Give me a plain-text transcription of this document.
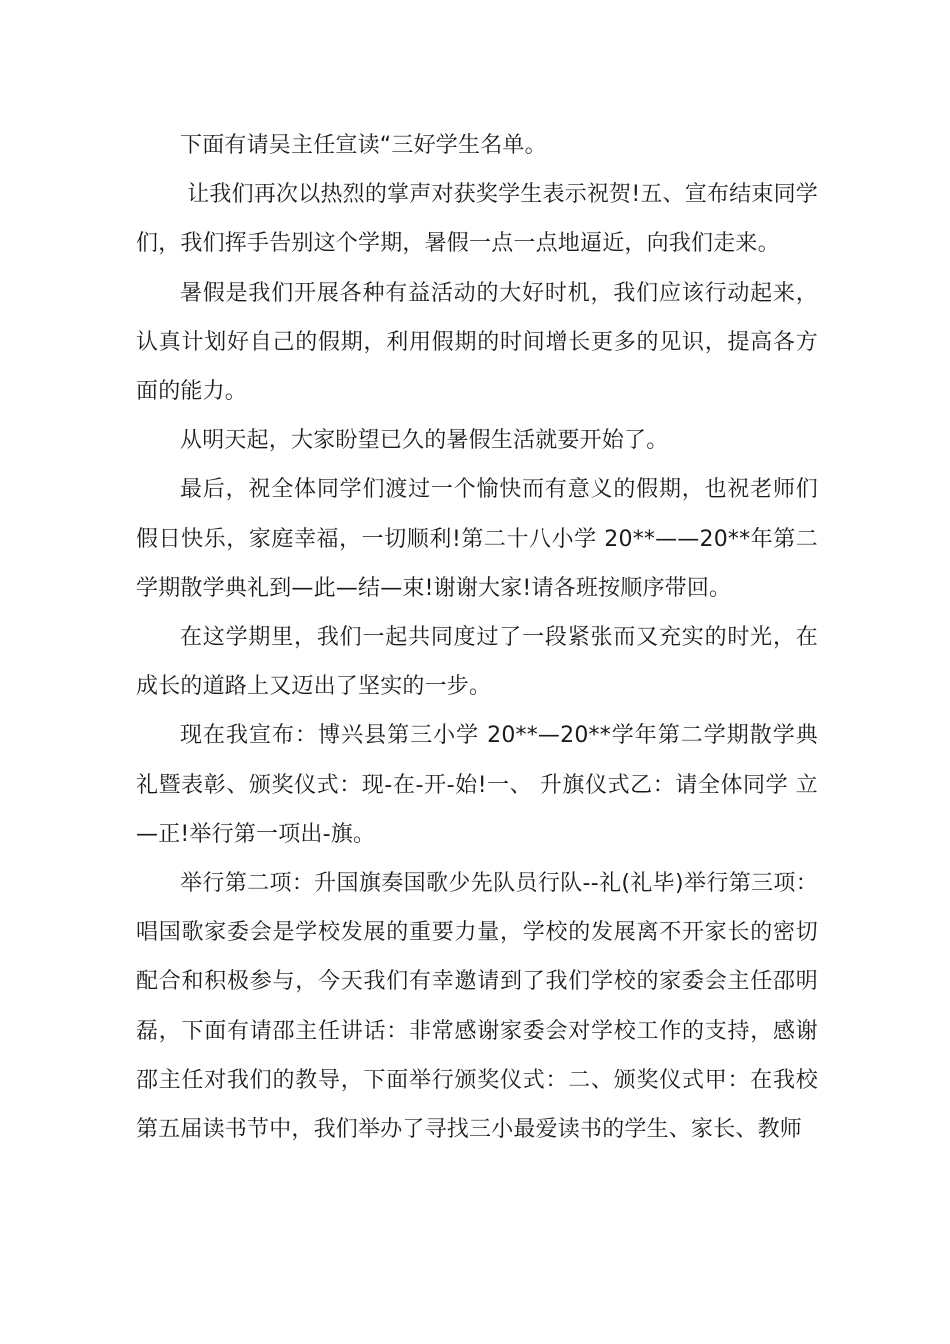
下面有请吴主任宣读“三好学生名单。

让我们再次以热烈的掌声对获奖学生表示祝贺!五、宣布结束同学们，我们挥手告别这个学期，暑假一点一点地逼近，向我们走来。

暑假是我们开展各种有益活动的大好时机，我们应该行动起来，认真计划好自己的假期，利用假期的时间增长更多的见识，提高各方面的能力。

从明天起，大家盼望已久的暑假生活就要开始了。

最后，祝全体同学们渡过一个愉快而有意义的假期，也祝老师们假日快乐，家庭幸福，一切顺利!第二十八小学 20**——20**年第二学期散学典礼到—此—结—束!谢谢大家!请各班按顺序带回。

在这学期里，我们一起共同度过了一段紧张而又充实的时光，在成长的道路上又迈出了坚实的一步。

现在我宣布：博兴县第三小学 20**—20**学年第二学期散学典礼暨表彰、颁奖仪式：现-在-开-始!一、 升旗仪式乙：请全体同学 立—正!举行第一项出-旗。

举行第二项：升国旗奏国歌少先队员行队--礼(礼毕)举行第三项：唱国歌家委会是学校发展的重要力量，学校的发展离不开家长的密切配合和积极参与，今天我们有幸邀请到了我们学校的家委会主任邵明磊，下面有请邵主任讲话：非常感谢家委会对学校工作的支持，感谢邵主任对我们的教导，下面举行颁奖仪式：二、颁奖仪式甲：在我校第五届读书节中，我们举办了寻找三小最爱读书的学生、家长、教师
